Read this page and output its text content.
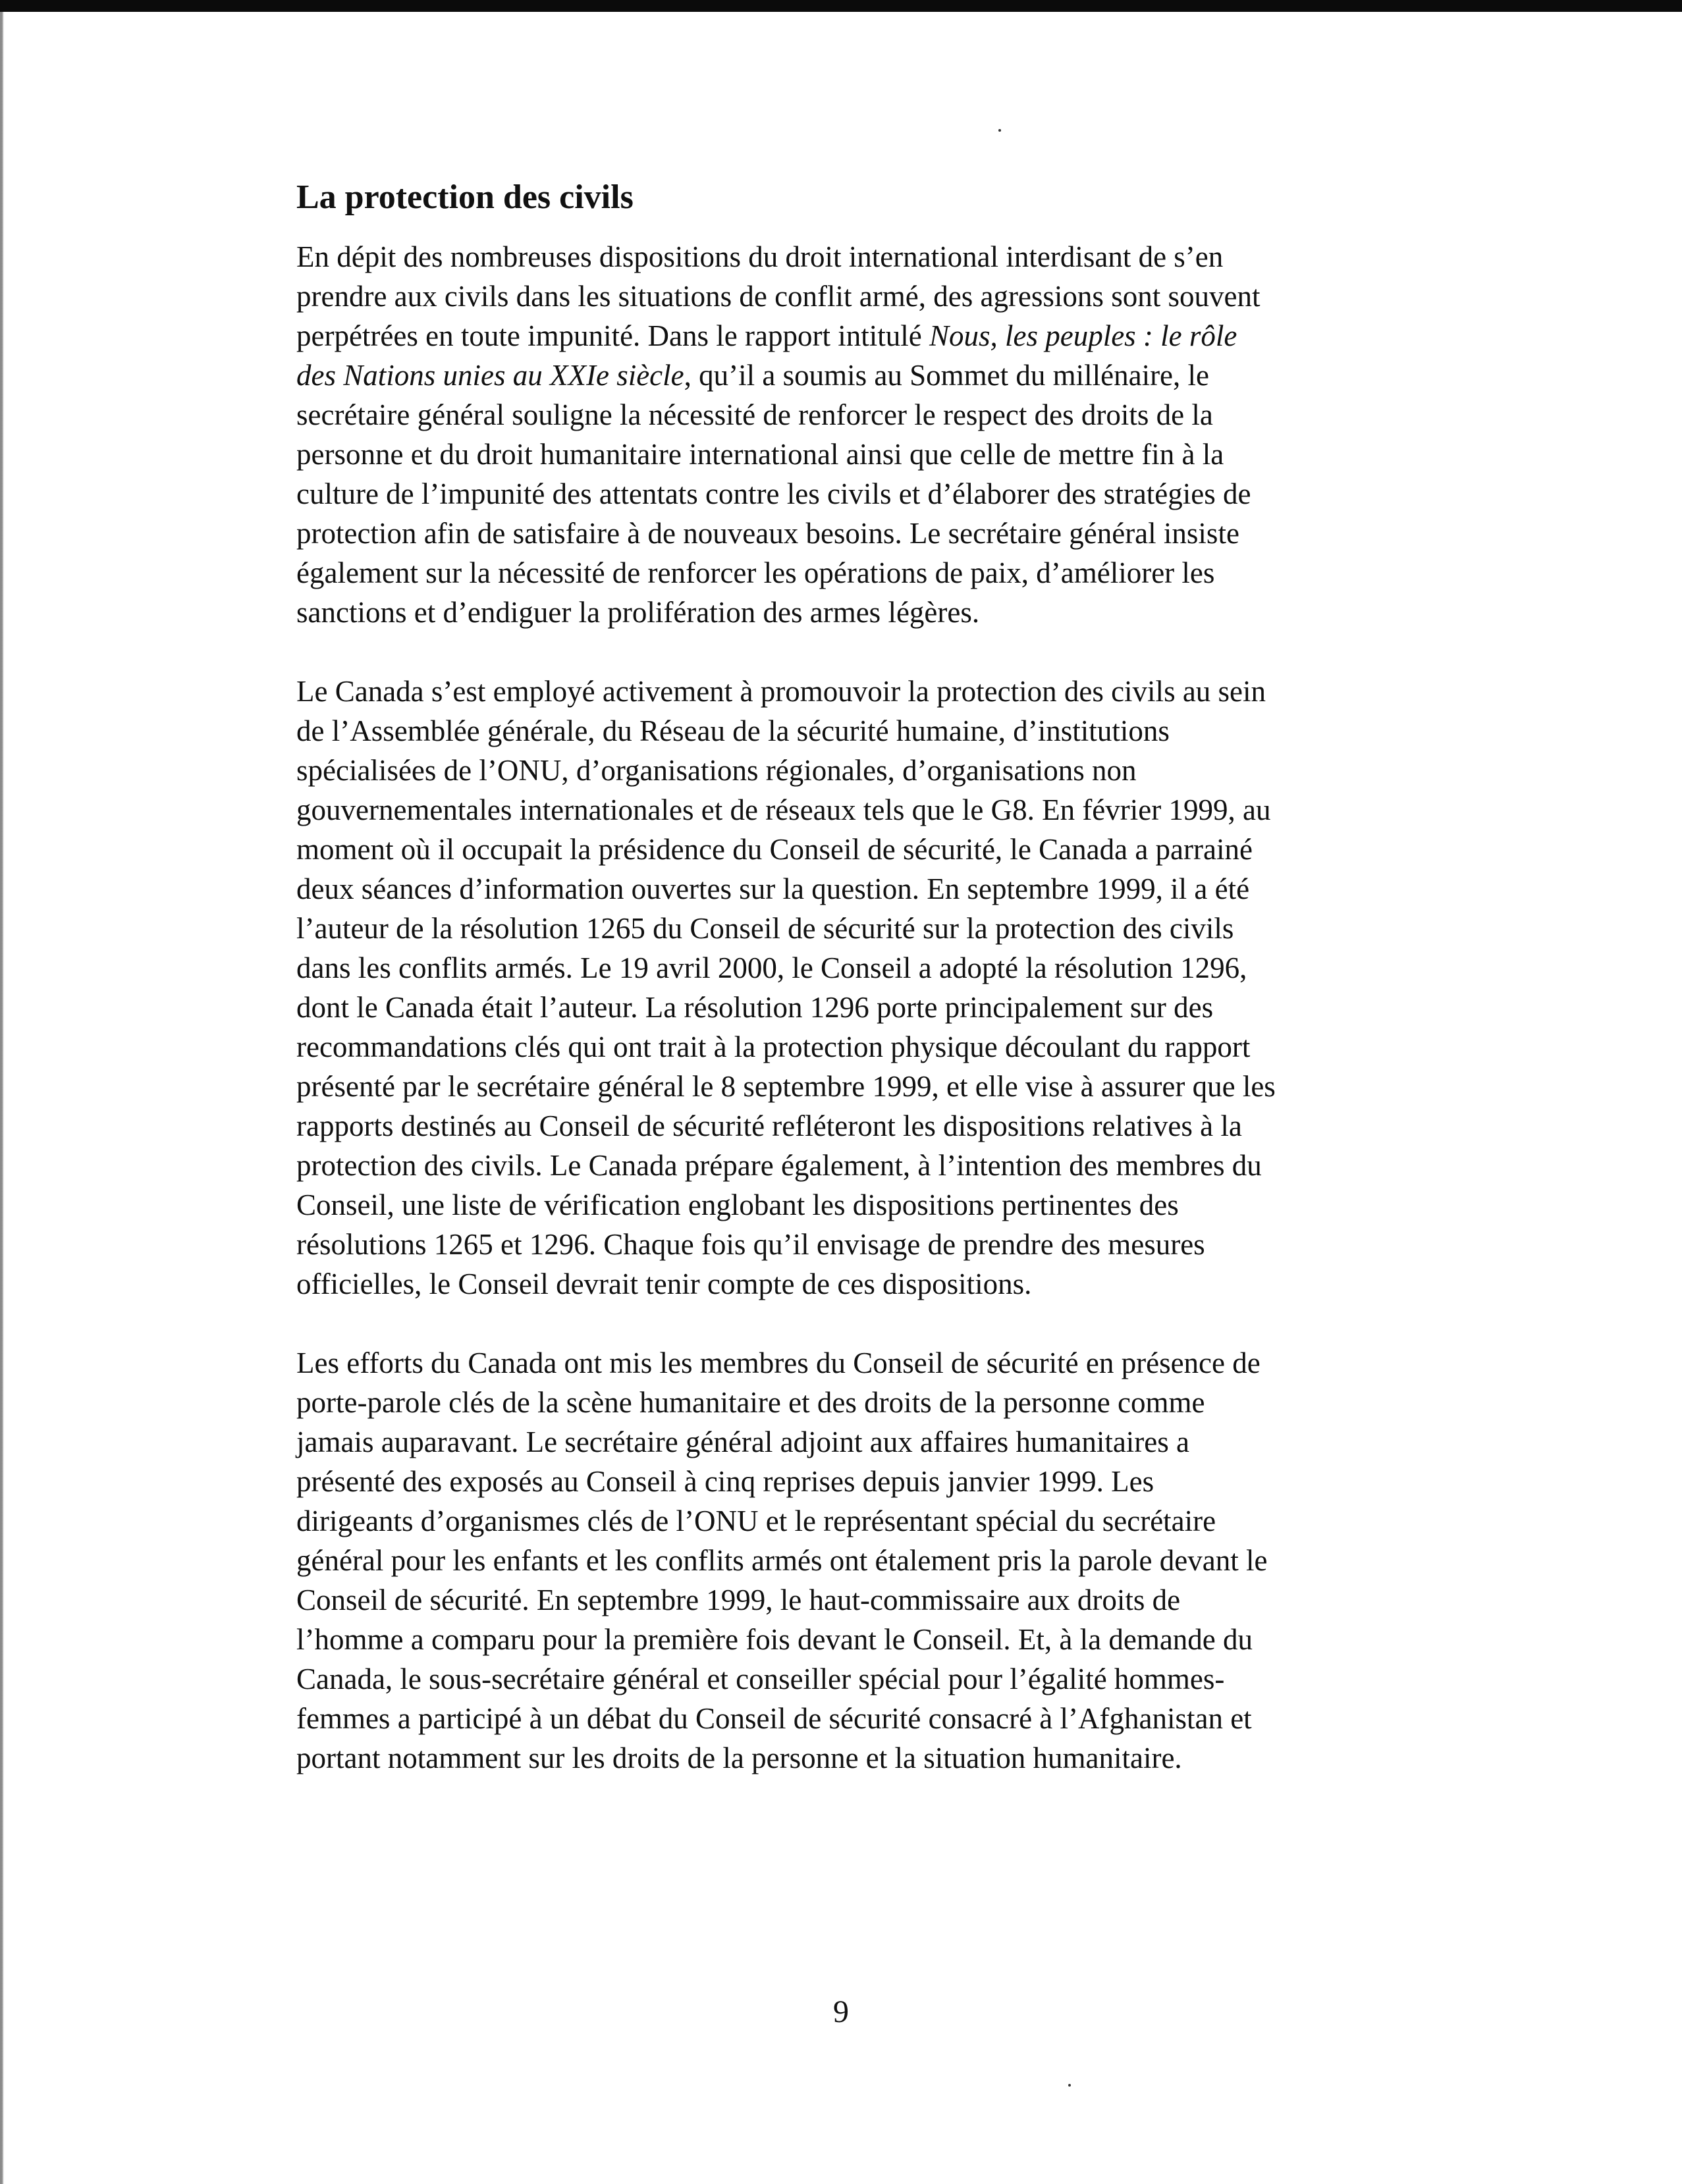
La protection des civils

En dépit des nombreuses dispositions du droit international interdisant de s’en
prendre aux civils dans les situations de conflit armé, des agressions sont souvent
perpétrées en toute impunité. Dans le rapport intitulé Nous, les peuples : le rôle
des Nations unies au XXIe siècle, qu’il a soumis au Sommet du millénaire, le
secrétaire général souligne la nécessité de renforcer le respect des droits de la
personne et du droit humanitaire international ainsi que celle de mettre fin à la
culture de l’impunité des attentats contre les civils et d’élaborer des stratégies de
protection afin de satisfaire à de nouveaux besoins. Le secrétaire général insiste
également sur la nécessité de renforcer les opérations de paix, d’améliorer les
sanctions et d’endiguer la prolifération des armes légères.

Le Canada s’est employé activement à promouvoir la protection des civils au sein
de l’Assemblée générale, du Réseau de la sécurité humaine, d’institutions
spécialisées de l’ONU, d’organisations régionales, d’organisations non
gouvernementales internationales et de réseaux tels que le G8. En février 1999, au
moment où il occupait la présidence du Conseil de sécurité, le Canada a parrainé
deux séances d’information ouvertes sur la question. En septembre 1999, il a été
l’auteur de la résolution 1265 du Conseil de sécurité sur la protection des civils
dans les conflits armés. Le 19 avril 2000, le Conseil a adopté la résolution 1296,
dont le Canada était l’auteur. La résolution 1296 porte principalement sur des
recommandations clés qui ont trait à la protection physique découlant du rapport
présenté par le secrétaire général le 8 septembre 1999, et elle vise à assurer que les
rapports destinés au Conseil de sécurité refléteront les dispositions relatives à la
protection des civils. Le Canada prépare également, à l’intention des membres du
Conseil, une liste de vérification englobant les dispositions pertinentes des
résolutions 1265 et 1296. Chaque fois qu’il envisage de prendre des mesures
officielles, le Conseil devrait tenir compte de ces dispositions.

Les efforts du Canada ont mis les membres du Conseil de sécurité en présence de
porte-parole clés de la scène humanitaire et des droits de la personne comme
jamais auparavant. Le secrétaire général adjoint aux affaires humanitaires a
présenté des exposés au Conseil à cinq reprises depuis janvier 1999. Les
dirigeants d’organismes clés de l’ONU et le représentant spécial du secrétaire
général pour les enfants et les conflits armés ont étalement pris la parole devant le
Conseil de sécurité. En septembre 1999, le haut-commissaire aux droits de
l’homme a comparu pour la première fois devant le Conseil. Et, à la demande du
Canada, le sous-secrétaire général et conseiller spécial pour l’égalité hommes-
femmes a participé à un débat du Conseil de sécurité consacré à l’Afghanistan et
portant notamment sur les droits de la personne et la situation humanitaire.

9
